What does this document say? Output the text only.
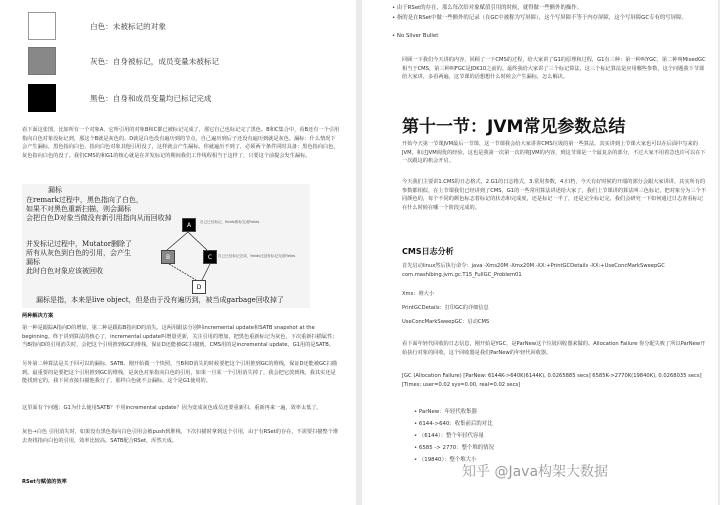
白色：未被标记的对象
灰色：自身被标记，成员变量未被标记
黑色：自身和成员变量均已标记完成

看下面这张图，比如所有一个对象A，它所引用的对象B和C都已被标记完成了，那它自己也标记完了黑色。B和C集合中，看B还有一个引用指向白色对象没标记到，那这个B就是灰色的，D就是白色没有遍历到的节点，自己遍历到后子还没有遍历到就是灰色。漏标：什么情况下会产生漏标，黑色指向白色，指向白色对象其他引用没了，这样就会产生漏标。你就遍历不到了，必须两个条件同时具备：黑色指向白色，灰色指向白色的没了。我们CMS的和G1的核心就是在并发标记的期间我们工作线程相当于这样了，只要这个前提会发生漏标。

漏标
在remark过程中，黑色指向了白色，
如果不对黑色重新扫描，则会漏标
会把白色D对象当做没有新引用指向从而回收掉
并发标记过程中，Mutator删除了
所有从灰色到白色的引用，会产生
漏标
此时白色对象应该被回收
A
B	C
D
自己已经标记，fields都标完成Fields
自己已经标记完成，fields还没有标记完成Fields
漏标是指，本来是live object，但是由于没有遍历到，被当成garbage回收掉了
两种解决方案

第一种是跟踪A指向D的增加，第二种是跟踪B指向D的消失。这两用跟法分别叫incremental update和SATB snapshot at the beginning。终于讲到算法的核心了，incremental update叫增量更新，关注引用的增加，把黑色重新标记为灰色，下次重新扫描属性；当B指向D的引用消失时，会把这个引用推到GC的堆栈，保证D还能被GC扫描到。CMS用的是incremental update，G1用的是SATB。

另外第二种算法是关于回可以的漏标，SATB。刚开始做一个快照，当B和D消失的时候要把这个引用推到GC的堆栈，保证D还能被GC扫描到。最重要的是要把这个引用推到GC的堆栈，是灰色对象指向白色的引用，如果一旦某一个引用消失掉了，我会把它放到栈，我其实还是能找到它的，我下回直接扫描他我行了，那样白色就不会漏标。这个是G1使用的。

这里面有个问题：G1为什么使用SATB？不用incremental update？因为变成灰色成员还要重新扫，重新再来一遍，效率太低了。

灰色→白色 引用消失时，如果没有黑色指向白色引用会被push到堆栈，下次扫描时拿到这个引用，由于有RSet的存在，不需要扫描整个堆去查找指向白色的引用，效率比较高。SATB配合RSet，浑然天成。

RSet与赋值的效率
• 由于RSet的存在，那么每次给对象赋值引用的时候，就得做一些额外的操作。
• 指的是在RSet中做一些额外的记录（在GC中被称为写屏障），这个写屏障不等于内存屏障，这个写屏障GC专有的写屏障。
• No Silver Bullet

回顾一下我们今天讲的内容，回顾了一下CMS的过程，给大家讲了G1的原理和过程，G1有三种：第一种叫YGC，第二种叫MixedGC相当于CMS，第三种叫FGC是JDK10之前的。最终我给大家讲了三个标记算法，这三个标记算法是应用哪些参数，这个问题我下节课给大家讲，多看两遍，这节课的话想想什么时候会产生漏标，怎么解决。

第十一节：JVM常见参数总结

开始今天第一节课JVM最后一节课，这一节课我会给大家讲讲CMS垃圾的第一些算法，其实讲到上节课大家也可以在后面中写来的JVM，和过JVM调优的经验，这也是我第一次第一次的将JVM的内容，到这节课是一个最复杂的部分，不过大家不用着急也许可以在下一次跟这的机会开启。

今天我们主要讲1.CMS的日志格式，2.G1的日志格式，3.常用参数，4.归档，今天有好时候的开端的部分会跟大家讲讲，其实所有的参数都相似，在上节课我们已经讲到了CMS，G1的一些常用算法讲述给大家了，我们上节课讲的算法叫三色标记，把对象分为三个不同颜色的，每个不同的颜色标志着标记的状态和完成度，还是标记一半了，还是完全标记完，我们会研究一下如何通过日志查看标记在什么时候在哪一个阶段完成的。

CMS日志分析

首先启动linux然后执行命令：java -Xms20M -Xmx20M -XX:+PrintGCDetails -XX:+UseConcMarkSweepGC com.mashibing.jvm.gc.T15_FullGC_Problem01

Xms：堆大小
PrintGCDetails：打印GC的详细信息
UseConcMarkSweepGC：启动CMS

看下面年轻代回收的日志信息，刚开始是YGC，是ParNew这个垃圾回收器来做的。Allocation Failure 你分配失败了所以ParNew开始执行对象的回收，这个回收器是我们ParNew的年轻代回收器。

[GC (Allocation Failure) [ParNew: 6144K->640K(6144K), 0.0265885 secs] 6585K->2770K(19840K), 0.0268035 secs] [Times: user=0.02 sys=0.00, real=0.02 secs]

• ParNew：年轻代收集器
• 6144->640：收集前后的对比
• （6144）：整个年轻代容量
• 6585 -> 2770：整个堆的情况
• （19840）：整个堆大小
知乎 @Java构架大数据
